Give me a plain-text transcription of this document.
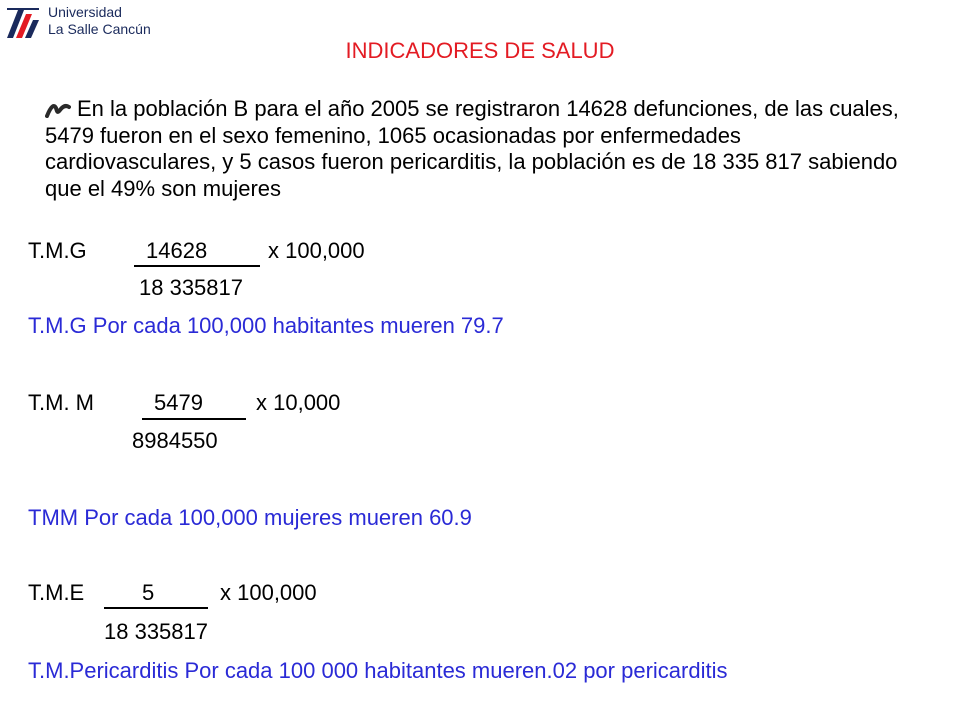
Universidad
La Salle Cancún
INDICADORES DE SALUD
En la población B para el año 2005 se registraron 14628 defunciones, de las cuales, 5479 fueron en el sexo femenino, 1065 ocasionadas por enfermedades cardiovasculares, y 5 casos fueron pericarditis, la población es de 18 335 817 sabiendo que el 49% son mujeres
T.M.G	14628	x 100,000
18 335817
T.M.G Por cada 100,000 habitantes mueren 79.7
T.M. M	5479 x 10,000
8984550
TMM Por cada 100,000 mujeres mueren 60.9
T.M.E	5	x 100,000
18 335817
T.M.Pericarditis Por cada 100 000 habitantes mueren.02 por pericarditis
